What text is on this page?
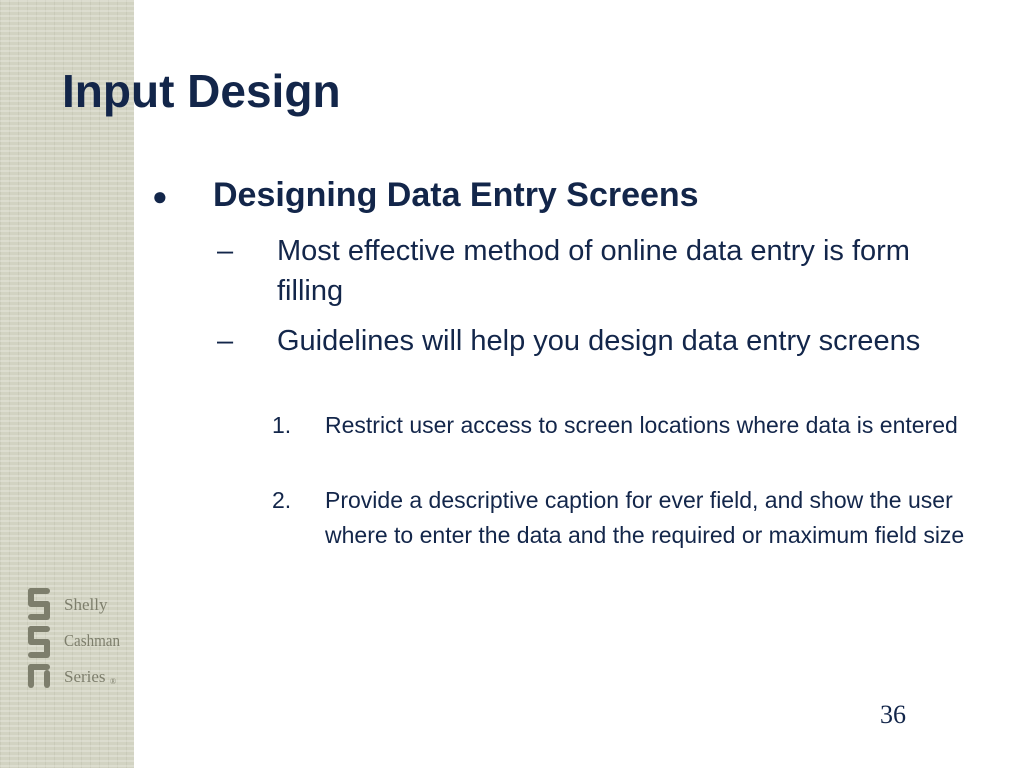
Input Design
● Designing Data Entry Screens
– Most effective method of online data entry is form filling
– Guidelines will help you design data entry screens
1. Restrict user access to screen locations where data is entered
2. Provide a descriptive caption for ever field, and show the user where to enter the data and the required or maximum field size
Shelly
Cashman
Series ®
36
